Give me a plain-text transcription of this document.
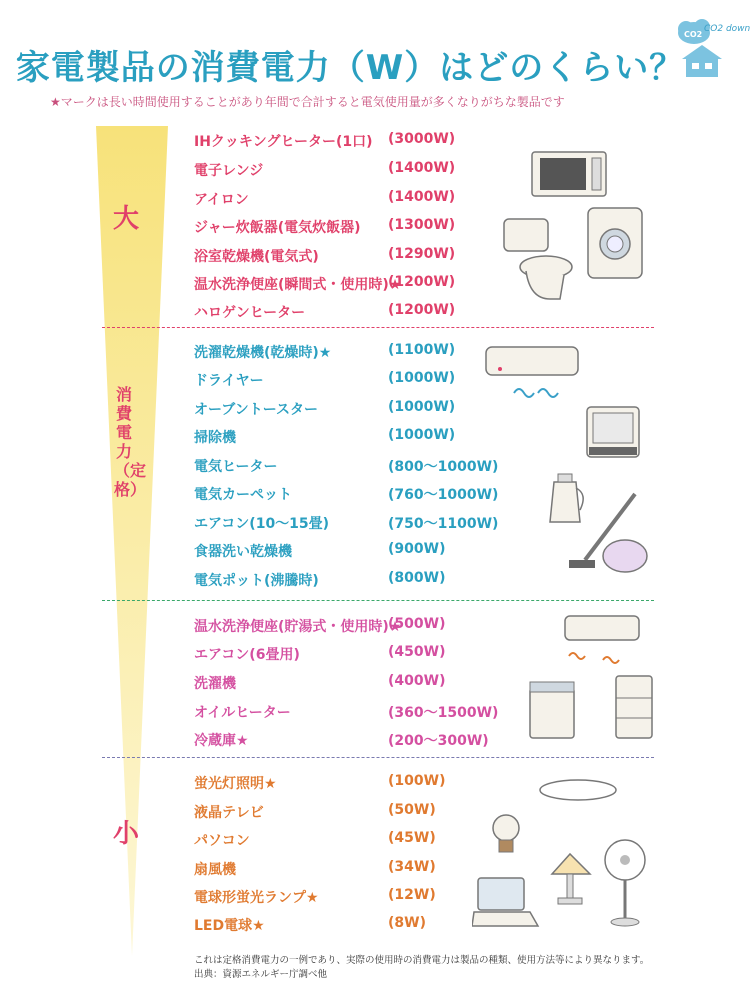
家電製品の消費電力（W）はどのくらい？
★マークは長い時間使用することがあり年間で合計すると電気使用量が多くなりがちな製品です
CO2
CO2 down
大
消費電力（定格）
小
IHクッキングヒーター(1口) (3000W)
電子レンジ	(1400W)
アイロン	(1400W)
ジャー炊飯器(電気炊飯器) (1300W)
浴室乾燥機(電気式)	(1290W)
温水洗浄便座(瞬間式・使用時)★
(1200W)
ハロゲンヒーター	(1200W)
洗濯乾燥機(乾燥時)★	(1100W)
ドライヤー	(1000W)
オーブントースター	(1000W)
掃除機	(1000W)
電気ヒーター	(800〜1000W)
電気カーペット	(760〜1000W)
エアコン(10〜15畳)	(750〜1100W)
食器洗い乾燥機	(900W)
電気ポット(沸騰時)	(800W)
温水洗浄便座(貯湯式・使用時)★
(500W)
エアコン(6畳用)	(450W)
洗濯機	(400W)
オイルヒーター	(360〜1500W)
冷蔵庫★	(200〜300W)
蛍光灯照明★	(100W)
液晶テレビ	(50W)
パソコン	(45W)
扇風機	(34W)
電球形蛍光ランプ★	(12W)
LED電球★	(8W)
これは定格消費電力の一例であり、実際の使用時の消費電力は製品の種類、使用方法等により異なります。
出典：資源エネルギー庁調べ他
